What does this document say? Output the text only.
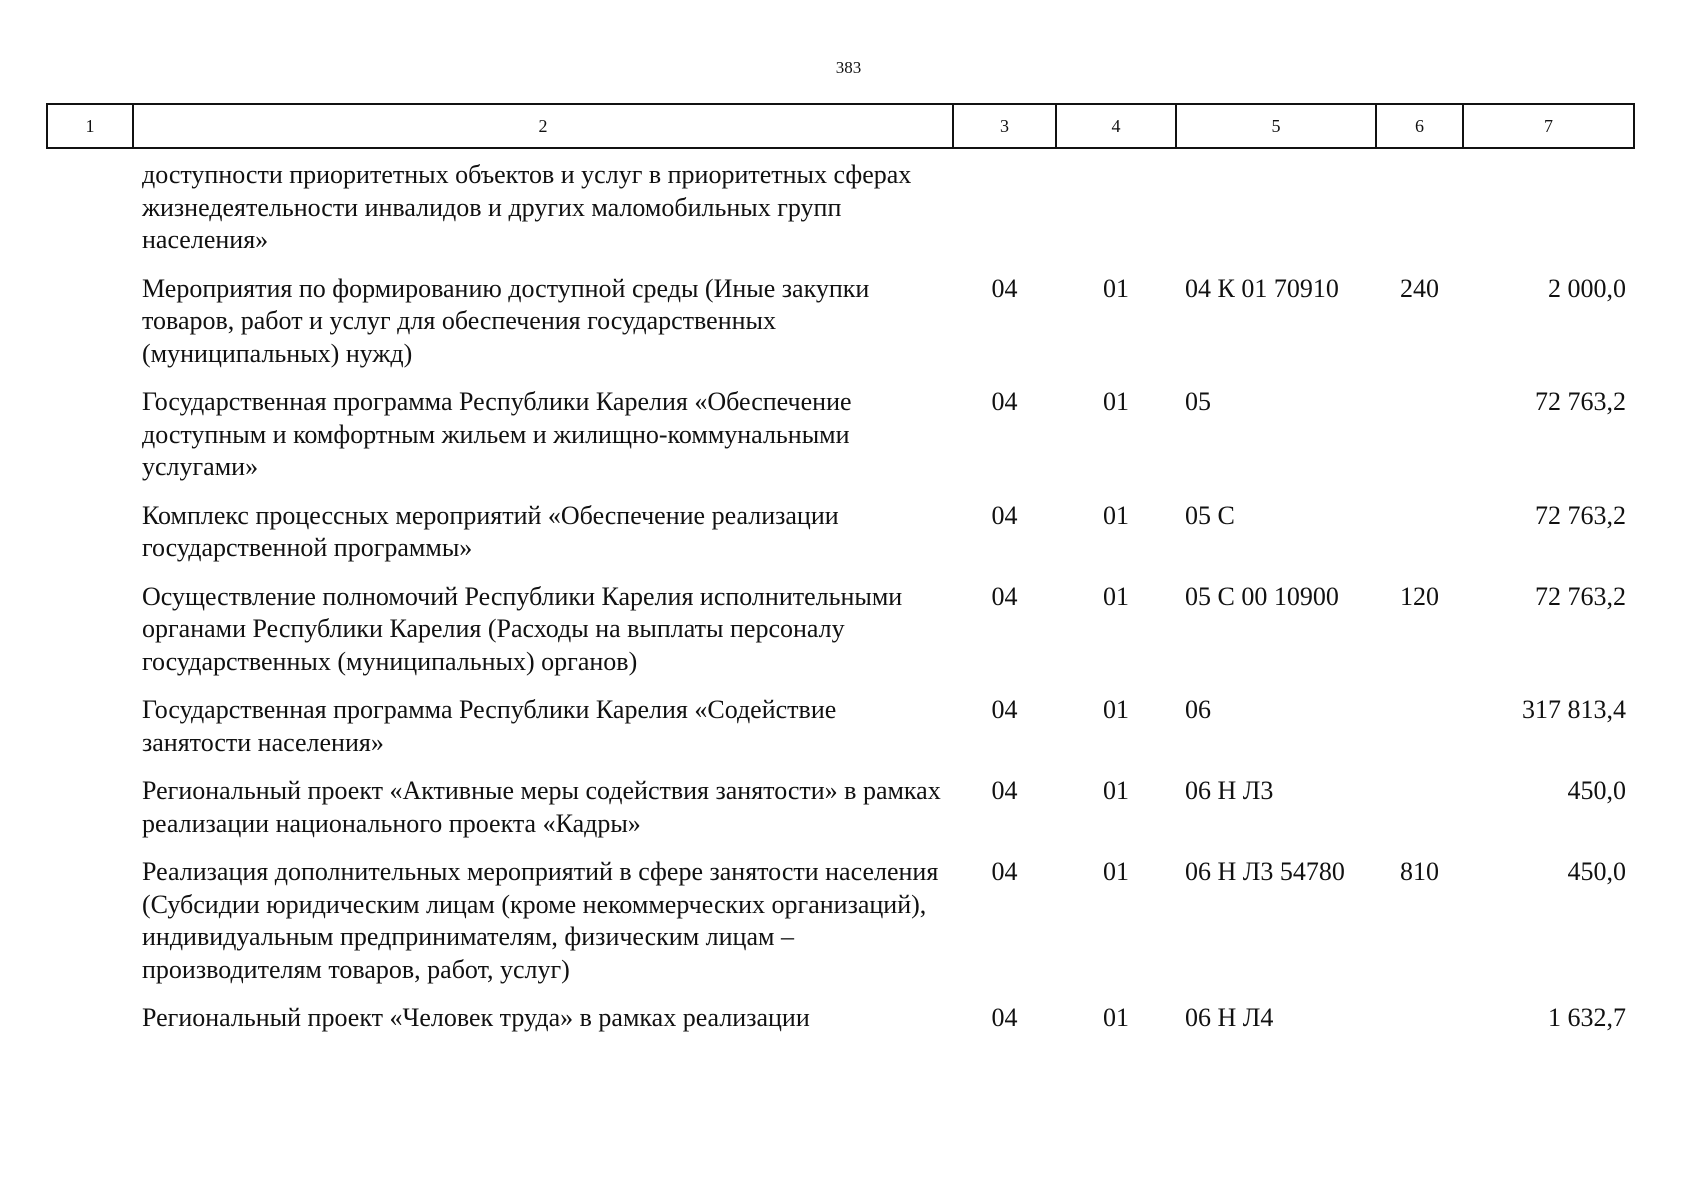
383
1	2	3	4	5	6	7
	доступности приоритетных объектов и услуг в приоритетных сферах жизнедеятельности инвалидов и других маломобильных групп населения»					
	Мероприятия по формированию доступной среды (Иные закупки товаров, работ и услуг для обеспечения государственных (муниципальных) нужд)	04	01	04 К 01 70910	240	2 000,0
	Государственная программа Республики Карелия «Обеспечение доступным и комфортным жильем и жилищно-коммунальными услугами»	04	01	05		72 763,2
	Комплекс процессных мероприятий «Обеспечение реализации государственной программы»	04	01	05 С		72 763,2
	Осуществление полномочий Республики Карелия исполнительными органами Республики Карелия (Расходы на выплаты персоналу государственных (муниципальных) органов)	04	01	05 С 00 10900	120	72 763,2
	Государственная программа Республики Карелия «Содействие занятости населения»	04	01	06		317 813,4
	Региональный проект «Активные меры содействия занятости» в рамках реализации национального проекта «Кадры»	04	01	06 Н Л3		450,0
	Реализация дополнительных мероприятий в сфере занятости населения (Субсидии юридическим лицам (кроме некоммерческих организаций), индивидуальным предпринимателям, физическим лицам – производителям товаров, работ, услуг)	04	01	06 Н Л3 54780	810	450,0
	Региональный проект «Человек труда» в рамках реализации	04	01	06 Н Л4		1 632,7
